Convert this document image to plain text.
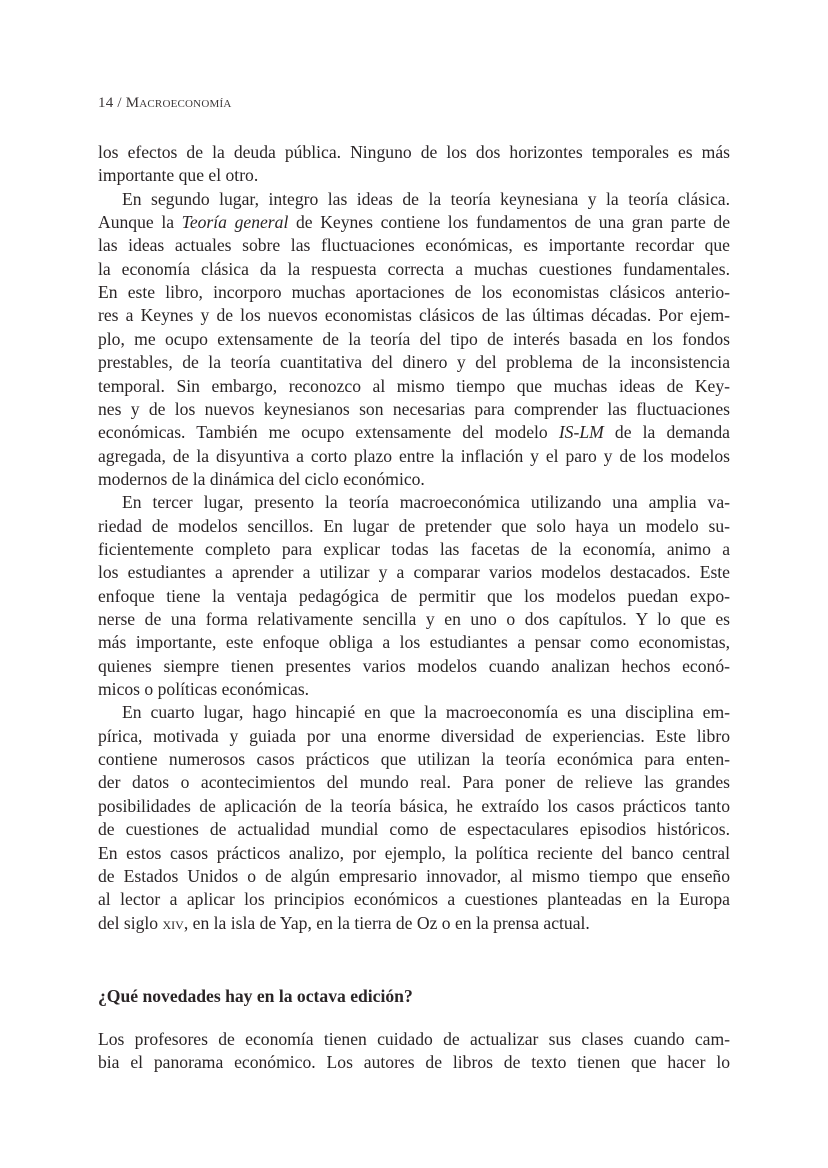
14 / Macroeconomía
los efectos de la deuda pública. Ninguno de los dos horizontes temporales es más
importante que el otro.
En segundo lugar, integro las ideas de la teoría keynesiana y la teoría clásica.
Aunque la Teoría general de Keynes contiene los fundamentos de una gran parte de
las ideas actuales sobre las fluctuaciones económicas, es importante recordar que
la economía clásica da la respuesta correcta a muchas cuestiones fundamentales.
En este libro, incorporo muchas aportaciones de los economistas clásicos anterio-
res a Keynes y de los nuevos economistas clásicos de las últimas décadas. Por ejem-
plo, me ocupo extensamente de la teoría del tipo de interés basada en los fondos
prestables, de la teoría cuantitativa del dinero y del problema de la inconsistencia
temporal. Sin embargo, reconozco al mismo tiempo que muchas ideas de Key-
nes y de los nuevos keynesianos son necesarias para comprender las fluctuaciones
económicas. También me ocupo extensamente del modelo IS-LM de la demanda
agregada, de la disyuntiva a corto plazo entre la inflación y el paro y de los modelos
modernos de la dinámica del ciclo económico.
En tercer lugar, presento la teoría macroeconómica utilizando una amplia va-
riedad de modelos sencillos. En lugar de pretender que solo haya un modelo su-
ficientemente completo para explicar todas las facetas de la economía, animo a
los estudiantes a aprender a utilizar y a comparar varios modelos destacados. Este
enfoque tiene la ventaja pedagógica de permitir que los modelos puedan expo-
nerse de una forma relativamente sencilla y en uno o dos capítulos. Y lo que es
más importante, este enfoque obliga a los estudiantes a pensar como economistas,
quienes siempre tienen presentes varios modelos cuando analizan hechos econó-
micos o políticas económicas.
En cuarto lugar, hago hincapié en que la macroeconomía es una disciplina em-
pírica, motivada y guiada por una enorme diversidad de experiencias. Este libro
contiene numerosos casos prácticos que utilizan la teoría económica para enten-
der datos o acontecimientos del mundo real. Para poner de relieve las grandes
posibilidades de aplicación de la teoría básica, he extraído los casos prácticos tanto
de cuestiones de actualidad mundial como de espectaculares episodios históricos.
En estos casos prácticos analizo, por ejemplo, la política reciente del banco central
de Estados Unidos o de algún empresario innovador, al mismo tiempo que enseño
al lector a aplicar los principios económicos a cuestiones planteadas en la Europa
del siglo xiv, en la isla de Yap, en la tierra de Oz o en la prensa actual.
¿Qué novedades hay en la octava edición?
Los profesores de economía tienen cuidado de actualizar sus clases cuando cam-
bia el panorama económico. Los autores de libros de texto tienen que hacer lo
